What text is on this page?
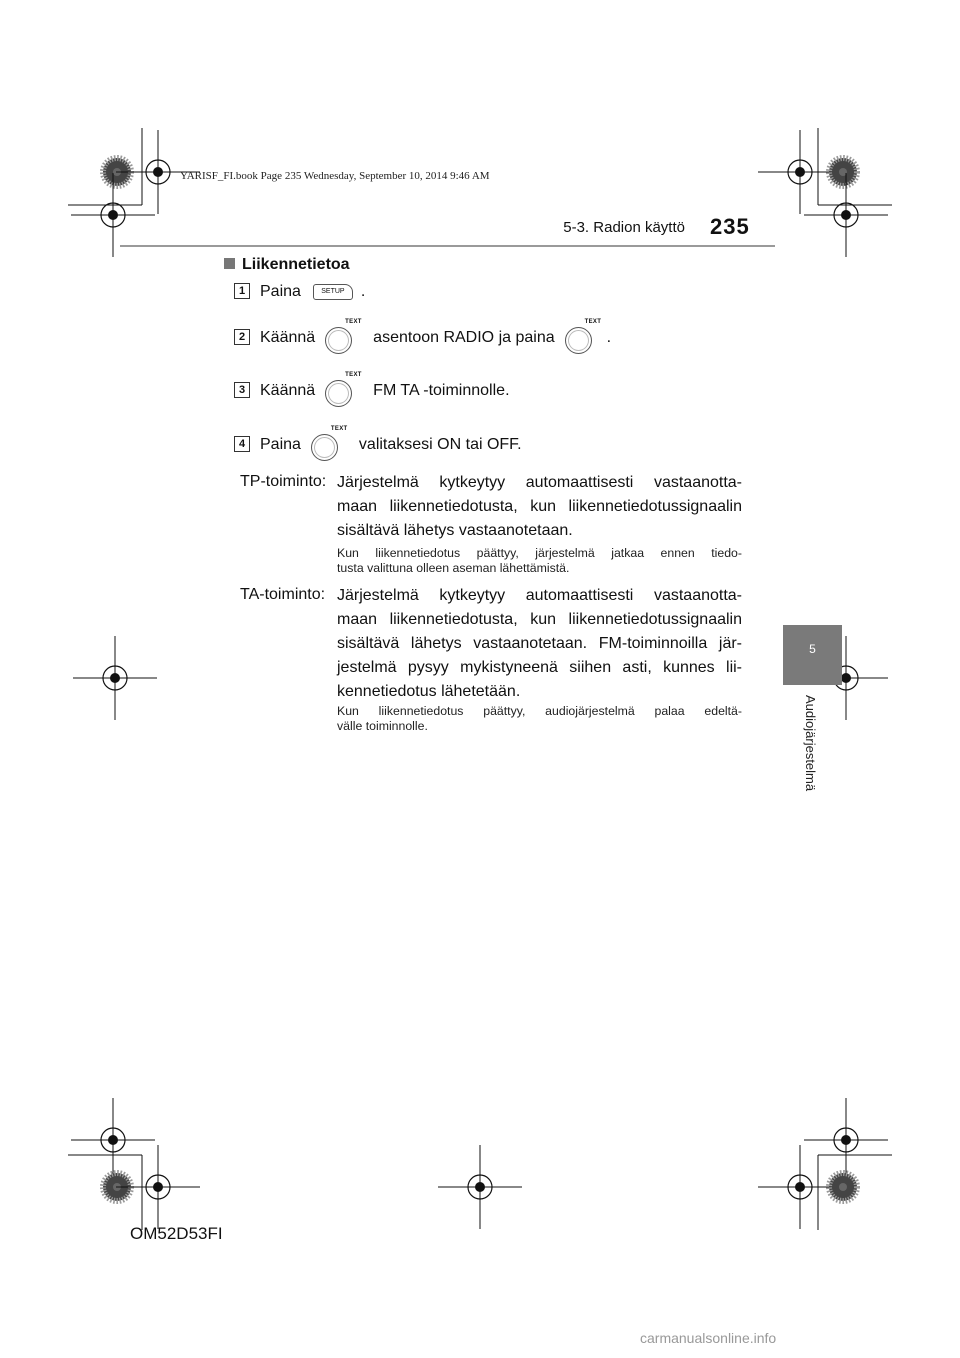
YARISF_FI.book Page 235 Wednesday, September 10, 2014 9:46 AM
5-3. Radion käyttö 235
5
Audiojärjestelmä
Liikennetietoa
1 Paina	SETUP	.
2 Käännä
TEXT
asentoon RADIO ja paina
TEXT
.
3 Käännä
TEXT
FM TA -toiminnolle.
4 Paina
TEXT
valitaksesi ON tai OFF.
TP-toiminto: Järjestelmä kytkeytyy automaattisesti vastaanotta-
maan liikennetiedotusta, kun liikennetiedotussignaalin
sisältävä lähetys vastaanotetaan.
Kun liikennetiedotus päättyy, järjestelmä jatkaa ennen tiedo-
tusta valittuna olleen aseman lähettämistä.
TA-toiminto: Järjestelmä kytkeytyy automaattisesti vastaanotta-
maan liikennetiedotusta, kun liikennetiedotussignaalin
sisältävä lähetys vastaanotetaan. FM-toiminnoilla jär-
jestelmä pysyy mykistyneenä siihen asti, kunnes lii-
kennetiedotus lähetetään.
Kun liikennetiedotus päättyy, audiojärjestelmä palaa edeltä-
välle toiminnolle.
OM52D53FI
carmanualsonline.info
